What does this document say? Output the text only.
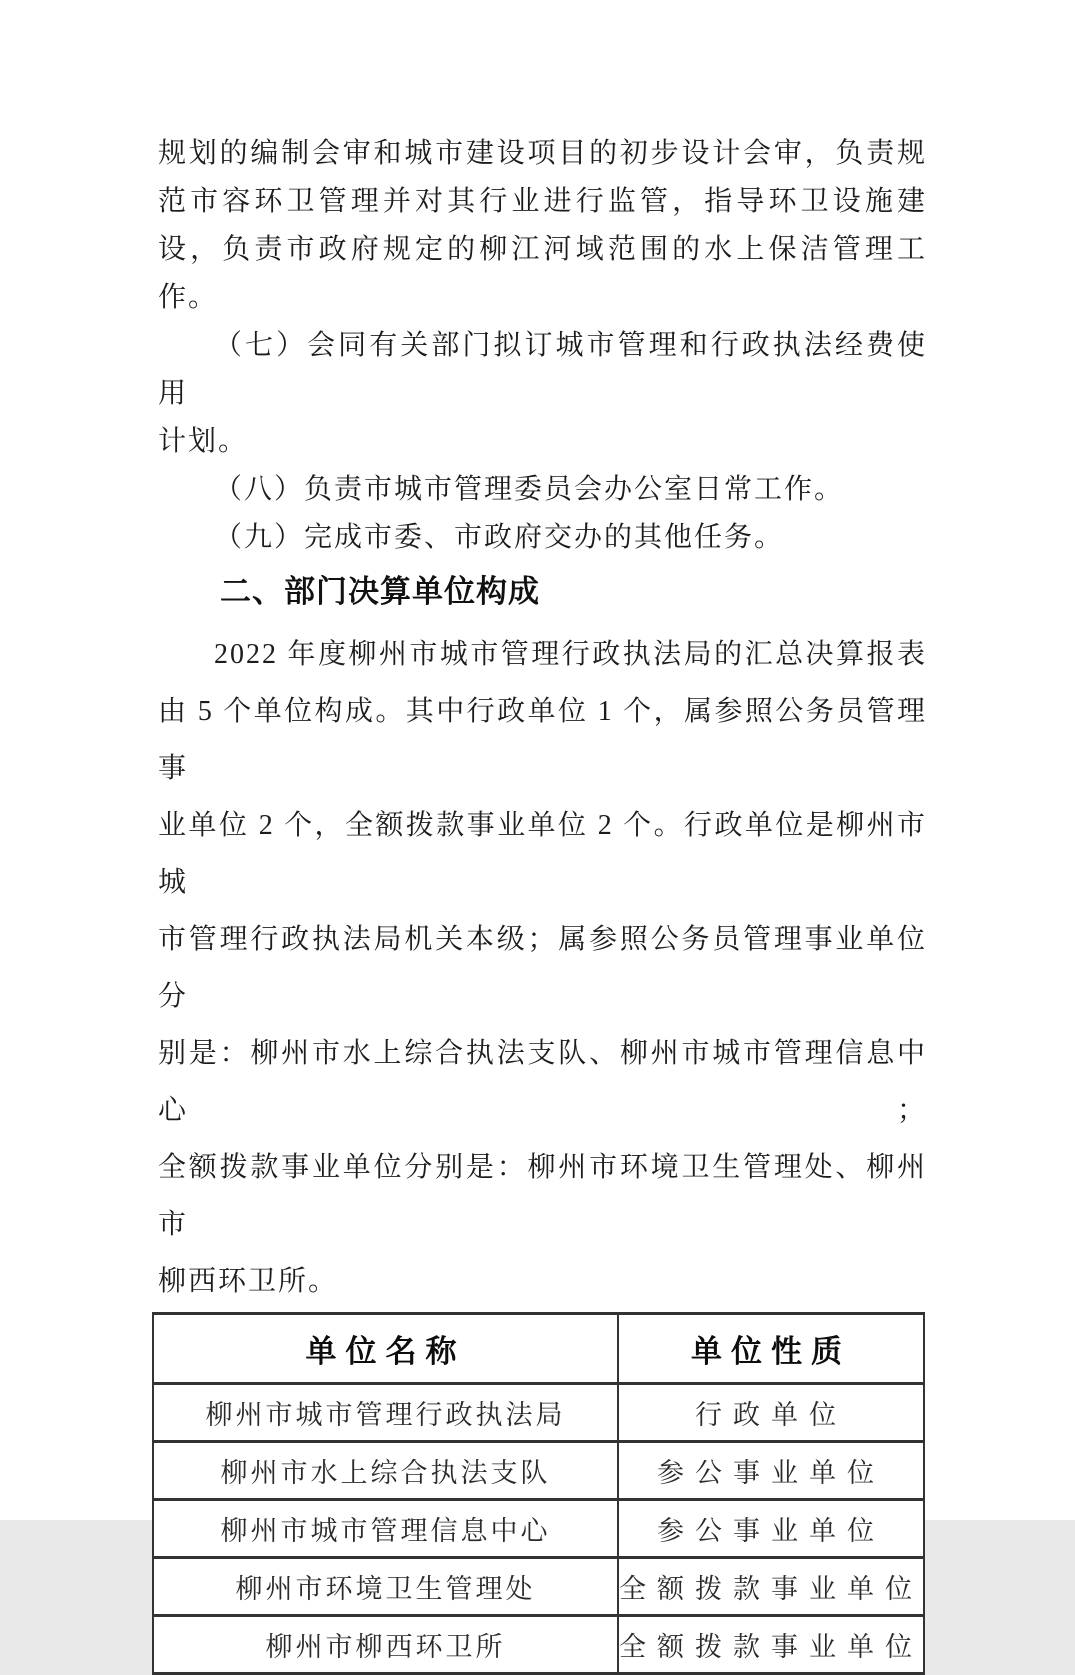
规划的编制会审和城市建设项目的初步设计会审，负责规
范市容环卫管理并对其行业进行监管，指导环卫设施建
设，负责市政府规定的柳江河域范围的水上保洁管理工
作。

（七）会同有关部门拟订城市管理和行政执法经费使用
计划。

（八）负责市城市管理委员会办公室日常工作。

（九）完成市委、市政府交办的其他任务。

二、部门决算单位构成

2022 年度柳州市城市管理行政执法局的汇总决算报表
由 5 个单位构成。其中行政单位 1 个，属参照公务员管理事
业单位 2 个，全额拨款事业单位 2 个。行政单位是柳州市城
市管理行政执法局机关本级；属参照公务员管理事业单位分
别是：柳州市水上综合执法支队、柳州市城市管理信息中心；
全额拨款事业单位分别是：柳州市环境卫生管理处、柳州市
柳西环卫所。

单位名称	单位性质
柳州市城市管理行政执法局	行政单位
柳州市水上综合执法支队	参公事业单位
柳州市城市管理信息中心	参公事业单位
柳州市环境卫生管理处	全额拨款事业单位
柳州市柳西环卫所	全额拨款事业单位
